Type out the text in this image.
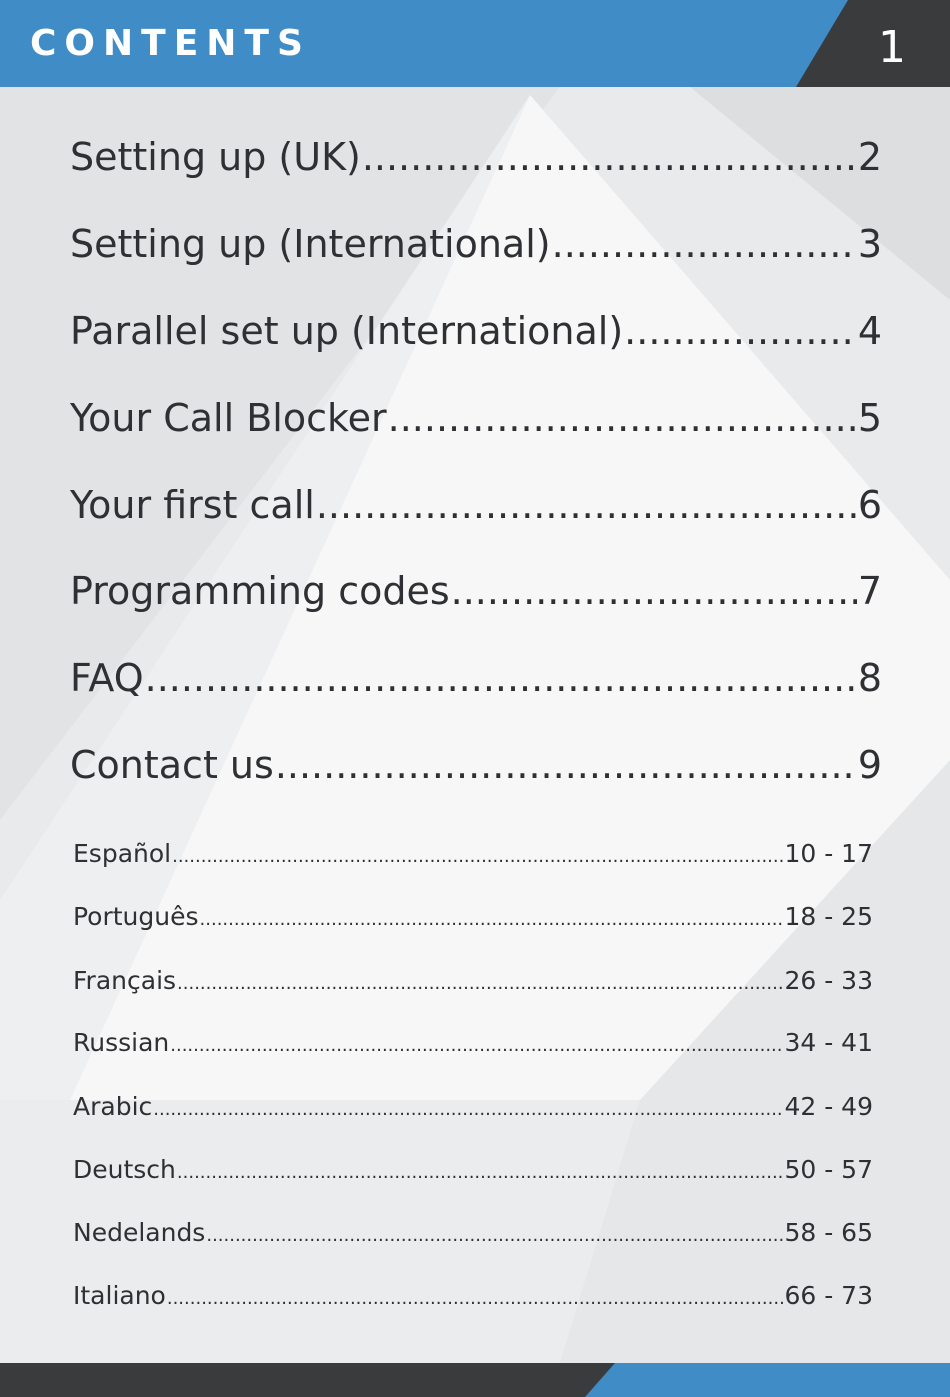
CONTENTS	1
Setting up (UK) .....	2
Setting up (International) .....	3
Parallel set up (International) .....	4
Your Call Blocker .....	5
Your first call .....	6
Programming codes .....	7
FAQ .....	8
Contact us .....	9
Español .....	10 - 17
Português .....	18 - 25
Français .....	26 - 33
Russian .....	34 - 41
Arabic .....	42 - 49
Deutsch .....	50 - 57
Nedelands .....	58 - 65
Italiano .....	66 - 73
